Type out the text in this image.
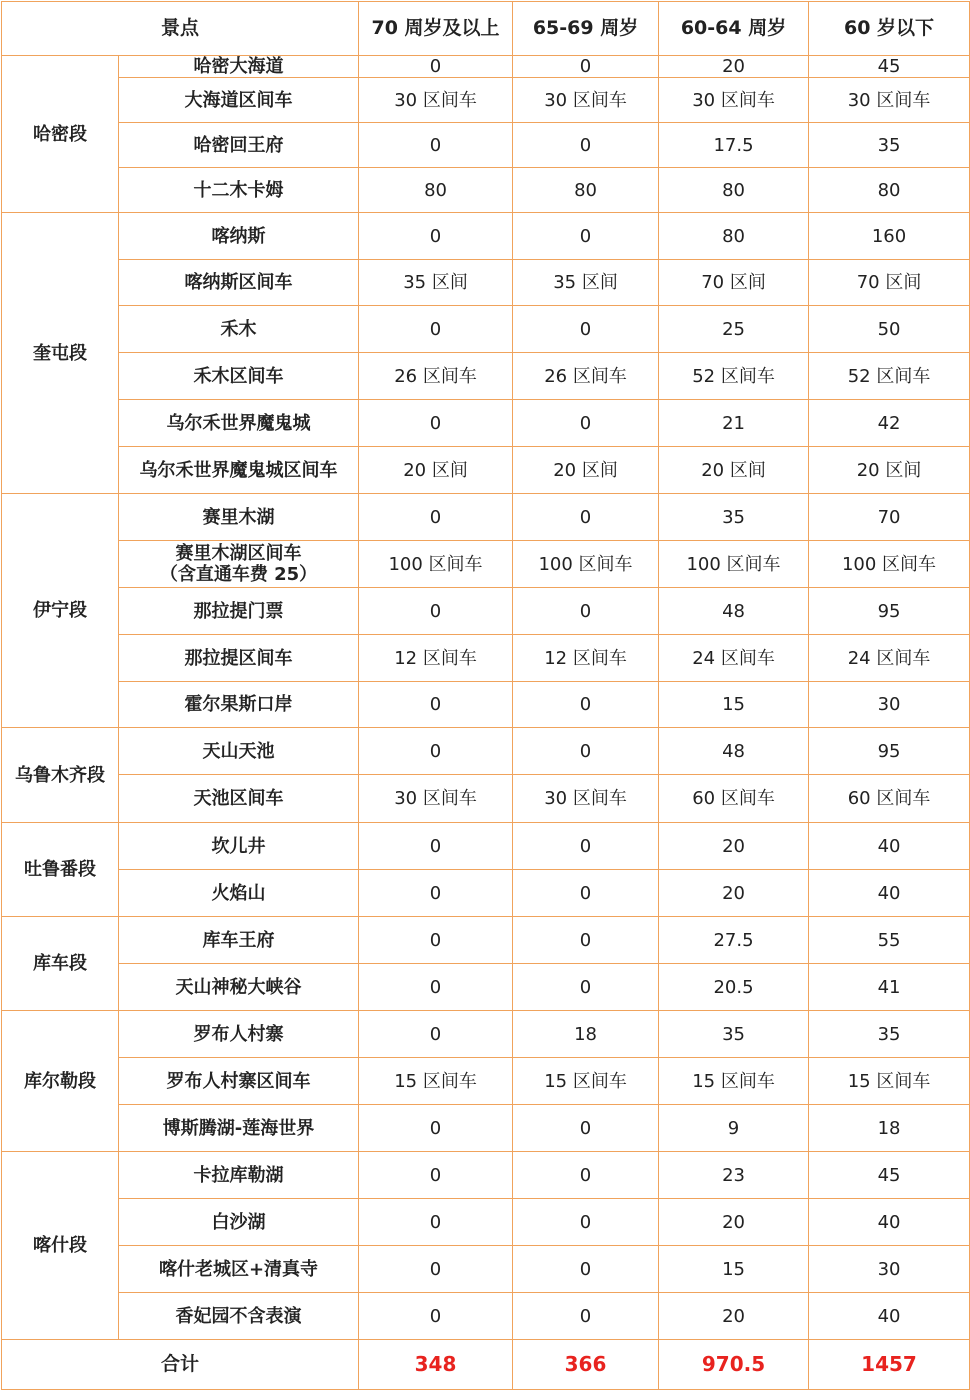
景点		70 周岁及以上	65-69 周岁	60-64 周岁	60 岁以下
哈密段	哈密大海道	0	0	20	45

	大海道区间车	30 区间车	30 区间车	30 区间车	30 区间车

	哈密回王府	0	0	17.5	35

	十二木卡姆	80	80	80	80
奎屯段	喀纳斯	0	0	80	160

	喀纳斯区间车	35 区间	35 区间	70 区间	70 区间

	禾木	0	0	25	50

	禾木区间车	26 区间车	26 区间车	52 区间车	52 区间车

	乌尔禾世界魔鬼城	0	0	21	42

	乌尔禾世界魔鬼城区间车	20 区间	20 区间	20 区间	20 区间
伊宁段	赛里木湖	0	0	35	70

	赛里木湖区间车
（含直通车费 25）	100 区间车	100 区间车	100 区间车	100 区间车

	那拉提门票	0	0	48	95

	那拉提区间车	12 区间车	12 区间车	24 区间车	24 区间车

	霍尔果斯口岸	0	0	15	30
乌鲁木齐段	天山天池	0	0	48	95

	天池区间车	30 区间车	30 区间车	60 区间车	60 区间车
吐鲁番段	坎儿井	0	0	20	40

	火焰山	0	0	20	40
库车段	库车王府	0	0	27.5	55

	天山神秘大峡谷	0	0	20.5	41
库尔勒段	罗布人村寨	0	18	35	35

	罗布人村寨区间车	15 区间车	15 区间车	15 区间车	15 区间车

	博斯腾湖-莲海世界	0	0	9	18
喀什段	卡拉库勒湖	0	0	23	45

	白沙湖	0	0	20	40

	喀什老城区+清真寺	0	0	15	30

	香妃园不含表演	0	0	20	40
合计		348	366	970.5	1457
